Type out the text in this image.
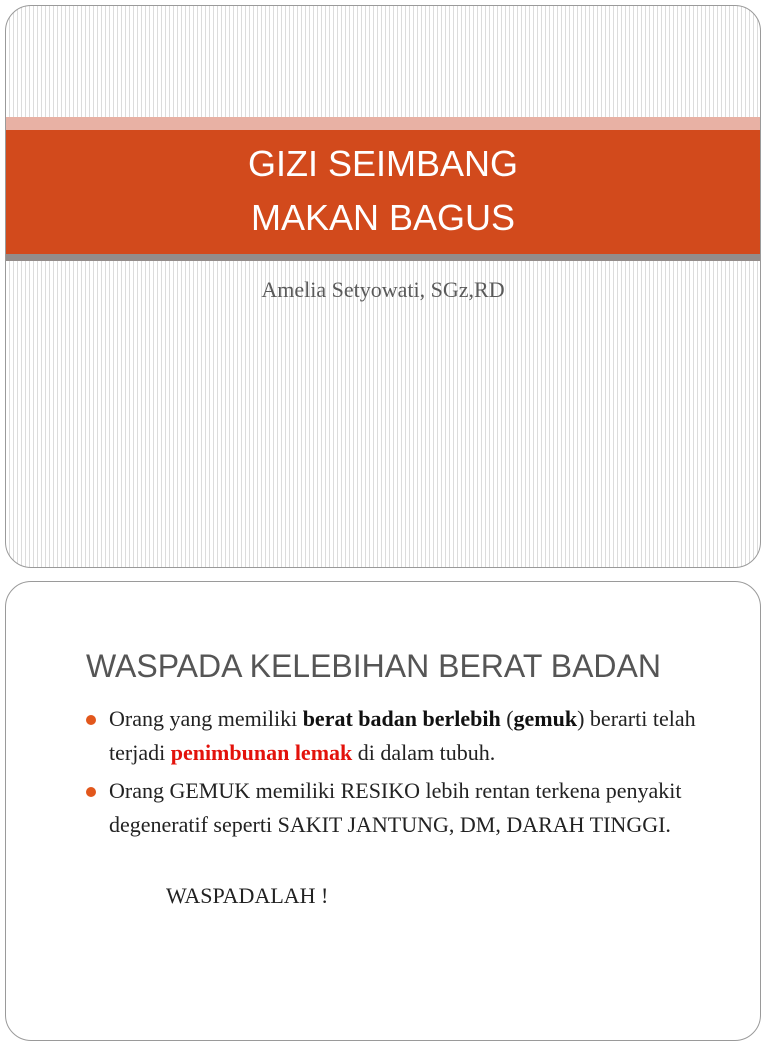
GIZI SEIMBANG
MAKAN BAGUS
Amelia Setyowati, SGz,RD
WASPADA KELEBIHAN BERAT BADAN
Orang yang memiliki berat badan berlebih (gemuk) berarti telah terjadi penimbunan lemak di dalam tubuh.
Orang GEMUK memiliki RESIKO lebih rentan terkena penyakit degeneratif seperti SAKIT JANTUNG, DM, DARAH TINGGI.
WASPADALAH !
